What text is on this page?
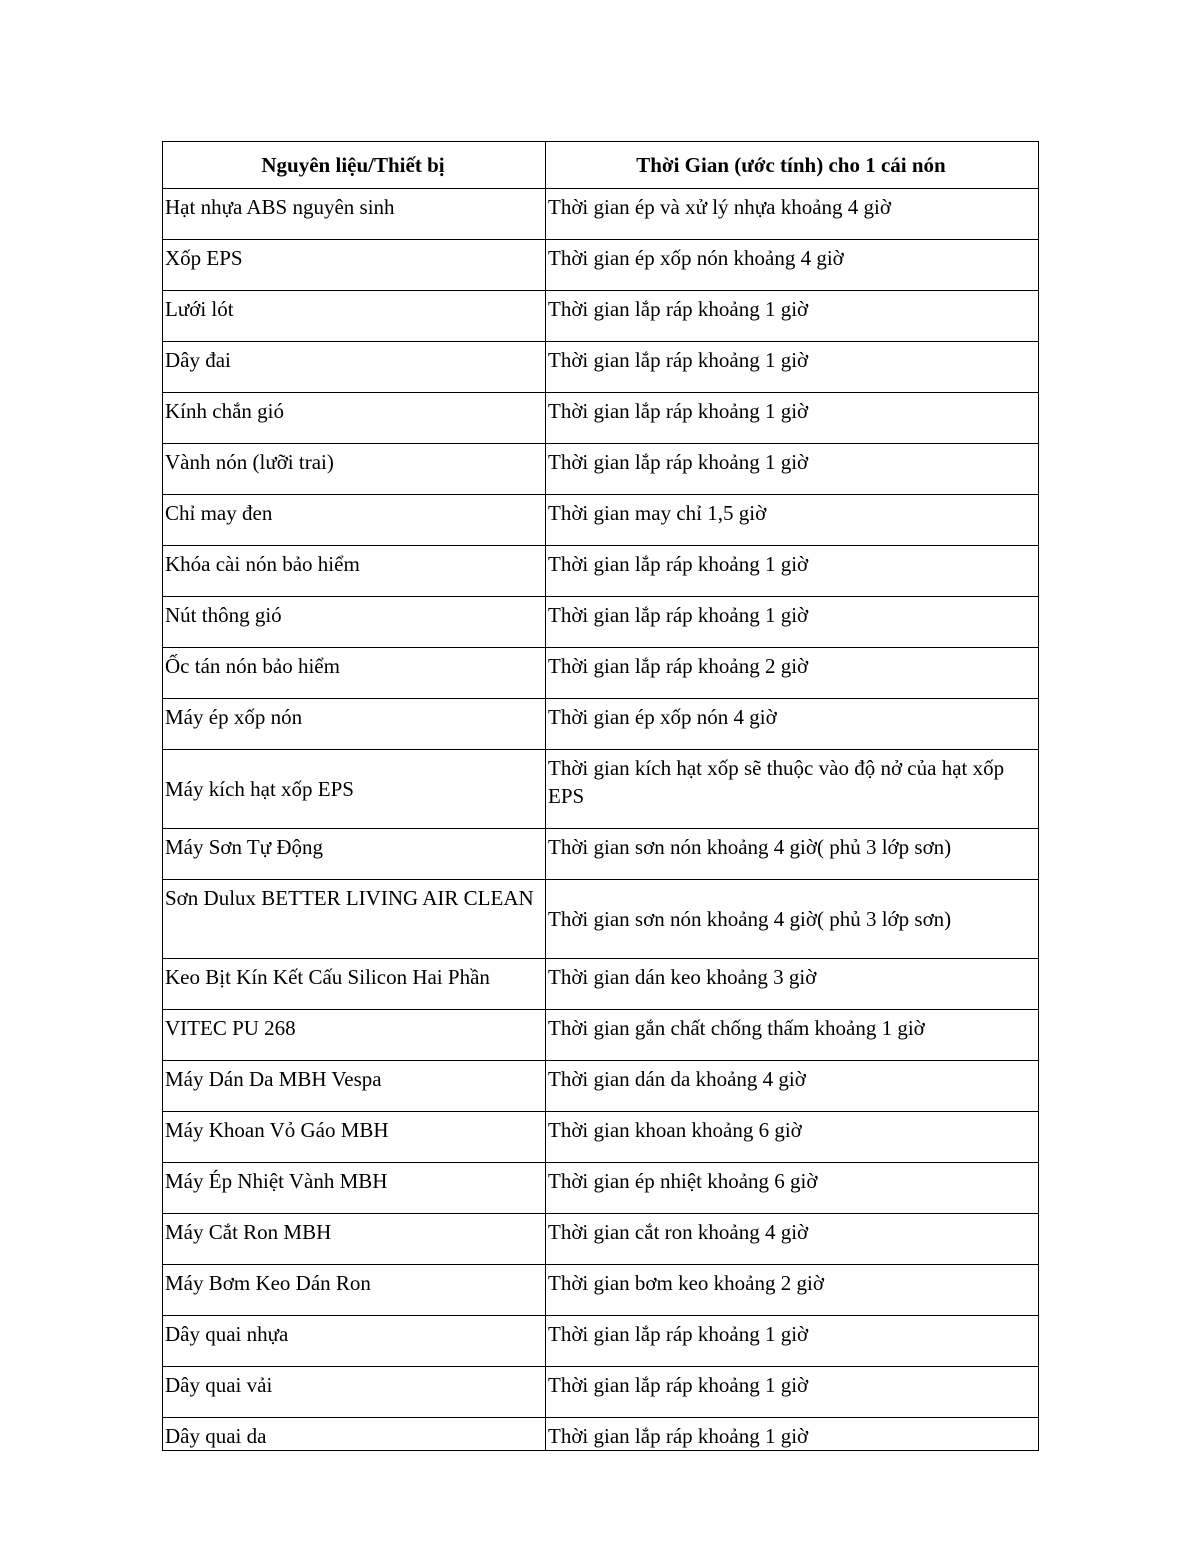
Nguyên liệu/Thiết bị	Thời Gian (ước tính) cho 1 cái nón
Hạt nhựa ABS nguyên sinh	Thời gian ép và xử lý nhựa khoảng 4 giờ
Xốp EPS	Thời gian ép xốp nón khoảng 4 giờ
Lưới lót	Thời gian lắp ráp khoảng 1 giờ
Dây đai	Thời gian lắp ráp khoảng 1 giờ
Kính chắn gió	Thời gian lắp ráp khoảng 1 giờ
Vành nón (lưỡi trai)	Thời gian lắp ráp khoảng 1 giờ
Chỉ may đen	Thời gian may chỉ 1,5 giờ
Khóa cài nón bảo hiểm	Thời gian lắp ráp khoảng 1 giờ
Nút thông gió	Thời gian lắp ráp khoảng 1 giờ
Ốc tán nón bảo hiểm	Thời gian lắp ráp khoảng 2 giờ
Máy ép xốp nón	Thời gian ép xốp nón 4 giờ
Máy kích hạt xốp EPS	Thời gian kích hạt xốp sẽ thuộc vào độ nở của hạt xốp EPS
Máy Sơn Tự Động	Thời gian sơn nón khoảng 4 giờ( phủ 3 lớp sơn)
Sơn Dulux BETTER LIVING AIR CLEAN	Thời gian sơn nón khoảng 4 giờ( phủ 3 lớp sơn)
Keo Bịt Kín Kết Cấu Silicon Hai Phần	Thời gian dán keo khoảng 3 giờ
VITEC PU 268	Thời gian gắn chất chống thấm khoảng 1 giờ
Máy Dán Da MBH Vespa	Thời gian dán da khoảng 4 giờ
Máy Khoan Vỏ Gáo MBH	Thời gian khoan khoảng 6 giờ
Máy Ép Nhiệt Vành MBH	Thời gian ép nhiệt khoảng 6 giờ
Máy Cắt Ron MBH	Thời gian cắt ron khoảng 4 giờ
Máy Bơm Keo Dán Ron	Thời gian bơm keo khoảng 2 giờ
Dây quai nhựa	Thời gian lắp ráp khoảng 1 giờ
Dây quai vải	Thời gian lắp ráp khoảng 1 giờ
Dây quai da	Thời gian lắp ráp khoảng 1 giờ
